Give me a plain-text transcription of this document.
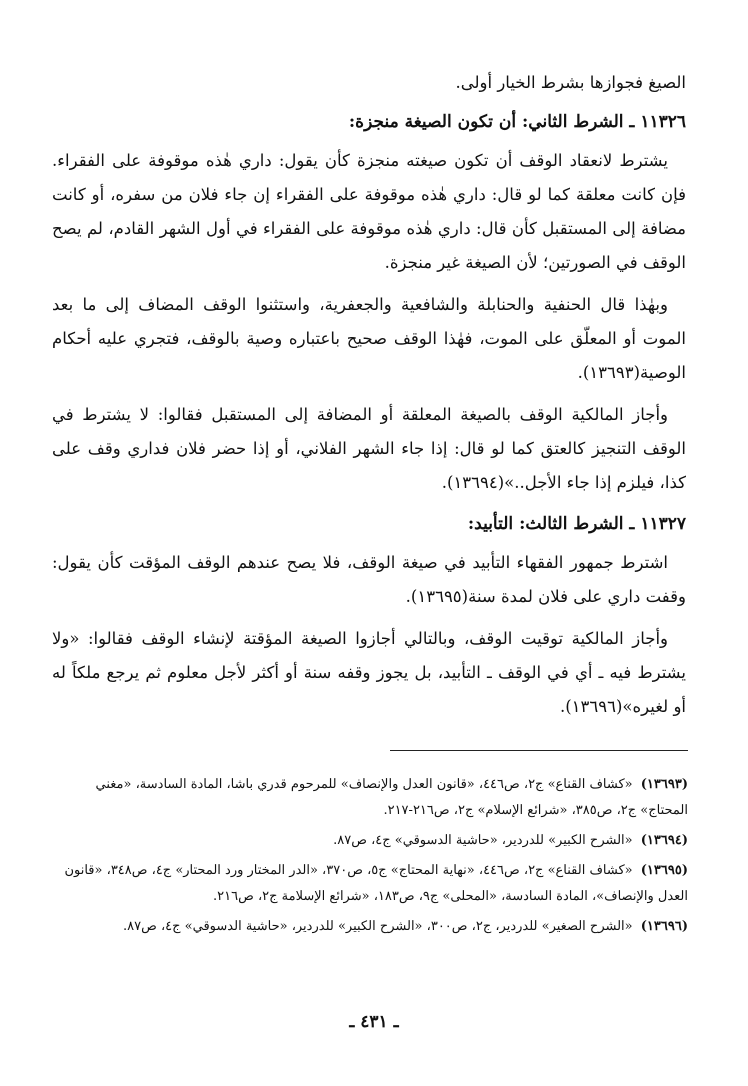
الصيغ فجوازها بشرط الخيار أولى.
١١٣٢٦ ـ الشرط الثاني: أن تكون الصيغة منجزة:

يشترط لانعقاد الوقف أن تكون صيغته منجزة كأن يقول: داري هٰذه موقوفة على الفقراء. فإن كانت معلقة كما لو قال: داري هٰذه موقوفة على الفقراء إن جاء فلان من سفره، أو كانت مضافة إلى المستقبل كأن قال: داري هٰذه موقوفة على الفقراء في أول الشهر القادم، لم يصح الوقف في الصورتين؛ لأن الصيغة غير منجزة.

وبهٰذا قال الحنفية والحنابلة والشافعية والجعفرية، واستثنوا الوقف المضاف إلى ما بعد الموت أو المعلّق على الموت، فهٰذا الوقف صحيح باعتباره وصية بالوقف، فتجري عليه أحكام الوصية(١٣٦٩٣).

وأجاز المالكية الوقف بالصيغة المعلقة أو المضافة إلى المستقبل فقالوا: لا يشترط في الوقف التنجيز كالعتق كما لو قال: إذا جاء الشهر الفلاني، أو إذا حضر فلان فداري وقف على كذا، فيلزم إذا جاء الأجل..»(١٣٦٩٤).

١١٣٢٧ ـ الشرط الثالث: التأبيد:

اشترط جمهور الفقهاء التأبيد في صيغة الوقف، فلا يصح عندهم الوقف المؤقت كأن يقول: وقفت داري على فلان لمدة سنة(١٣٦٩٥).

وأجاز المالكية توقيت الوقف، وبالتالي أجازوا الصيغة المؤقتة لإنشاء الوقف فقالوا: «ولا يشترط فيه ـ أي في الوقف ـ التأبيد، بل يجوز وقفه سنة أو أكثر لأجل معلوم ثم يرجع ملكاً له أو لغيره»(١٣٦٩٦).

(١٣٦٩٣) «كشاف القناع» ج٢، ص٤٤٦، «قانون العدل والإنصاف» للمرحوم قدري باشا، المادة السادسة، «مغني المحتاج» ج٢، ص٣٨٥، «شرائع الإسلام» ج٢، ص٢١٦-٢١٧.

(١٣٦٩٤) «الشرح الكبير» للدردير، «حاشية الدسوقي» ج٤، ص٨٧.

(١٣٦٩٥) «كشاف القناع» ج٢، ص٤٤٦، «نهاية المحتاج» ج٥، ص٣٧٠، «الدر المختار ورد المحتار» ج٤، ص٣٤٨، «قانون العدل والإنصاف»، المادة السادسة، «المحلى» ج٩، ص١٨٣، «شرائع الإسلامة ج٢، ص٢١٦.

(١٣٦٩٦) «الشرح الصغير» للدردير، ج٢، ص٣٠٠، «الشرح الكبير» للدردير، «حاشية الدسوقي» ج٤، ص٨٧.

ـ ٤٣١ ـ
